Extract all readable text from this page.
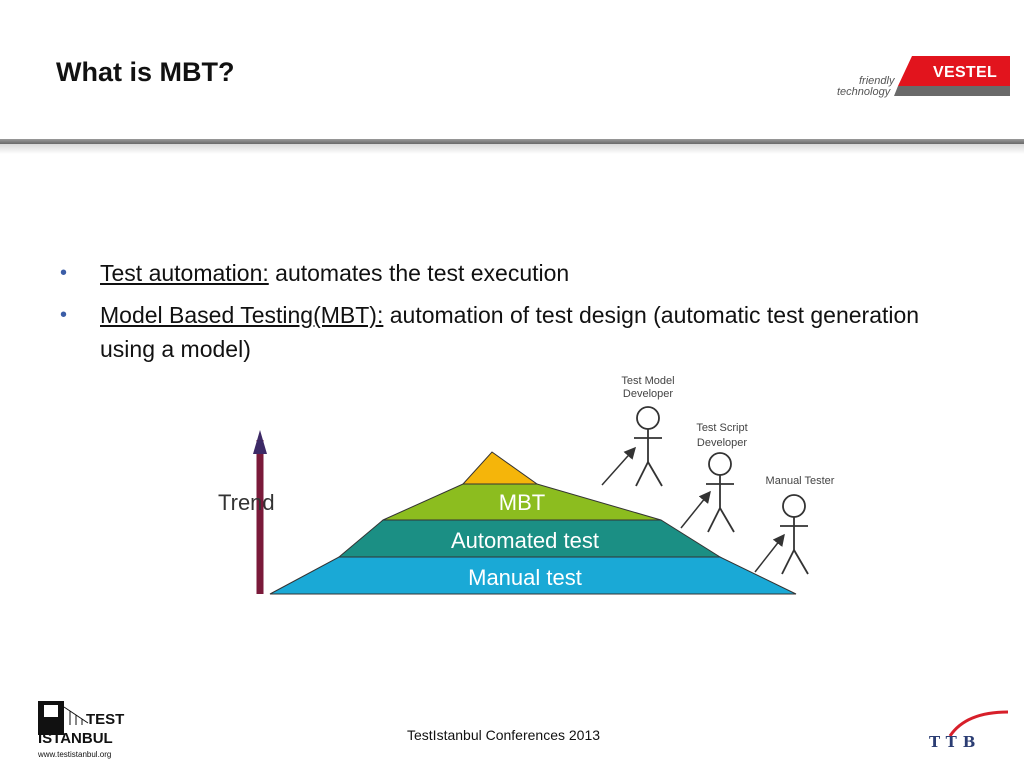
What is MBT?	friendly
technology
VESTEL
• Test automation: automates the test execution
• Model Based Testing(MBT): automation of test design (automatic test generation using a model)
Trend	MBT
Automated test
Manual test
Test Model
Developer
Test Script
Developer
Manual Tester
TEST
ISTANBUL
www.testistanbul.org
TestIstanbul Conferences 2013	TTB
